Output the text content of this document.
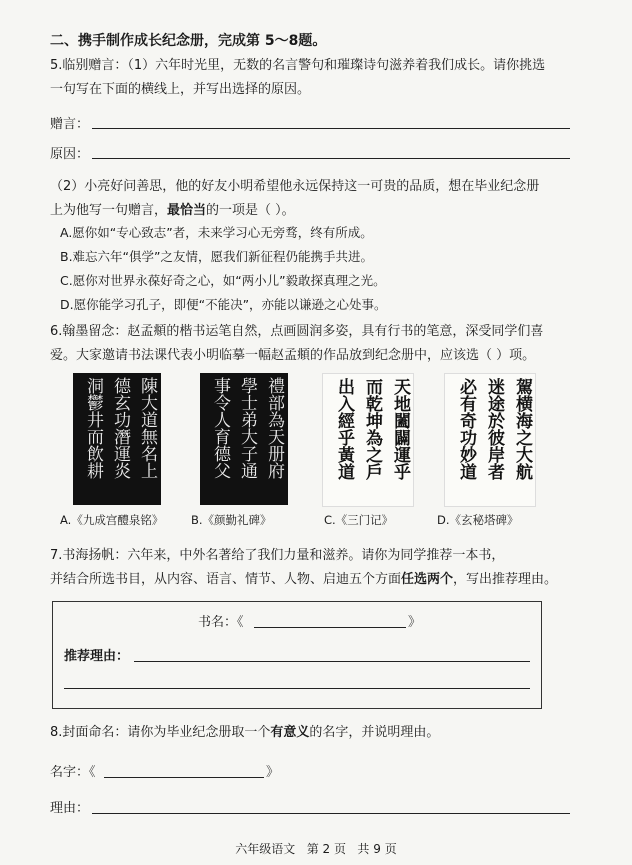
二、携手制作成长纪念册，完成第 5～8题。
5.临别赠言：（1）六年时光里，无数的名言警句和璀璨诗句滋养着我们成长。请你挑选
一句写在下面的横线上，并写出选择的原因。
赠言：
原因：
（2）小亮好问善思，他的好友小明希望他永远保持这一可贵的品质，想在毕业纪念册
上为他写一句赠言，最恰当的一项是（ ）。
A.愿你如“专心致志”者，未来学习心无旁骛，终有所成。
B.难忘六年“俱学”之友情，愿我们新征程仍能携手共进。
C.愿你对世界永葆好奇之心，如“两小儿”毅敢探真理之光。
D.愿你能学习孔子，即便“不能决”，亦能以谦逊之心处事。
6.翰墨留念：赵孟頫的楷书运笔自然，点画圆润多姿，具有行书的笔意，深受同学们喜
爱。大家邀请书法课代表小明临摹一幅赵孟頫的作品放到纪念册中，应该选（ ）项。
陳大道無名上
德玄功潛運炎
洞鬱井而飲耕	禮部為天册府
學士弟大子通
事令人育德父	天地闔闢運乎
而乾坤為之戶
出入經乎黃道	駕横海之大航
迷途於彼岸者
必有奇功妙道
A.《九成宫醴泉铭》 B.《颜勤礼碑》	C.《三门记》	D.《玄秘塔碑》
7.书海扬帆：六年来，中外名著给了我们力量和滋养。请你为同学推荐一本书，
并结合所选书目，从内容、语言、情节、人物、启迪五个方面任选两个，写出推荐理由。
书名：《	》
推荐理由：
8.封面命名：请你为毕业纪念册取一个有意义的名字，并说明理由。
名字：《	》
理由：
六年级语文   第 2 页   共 9 页
